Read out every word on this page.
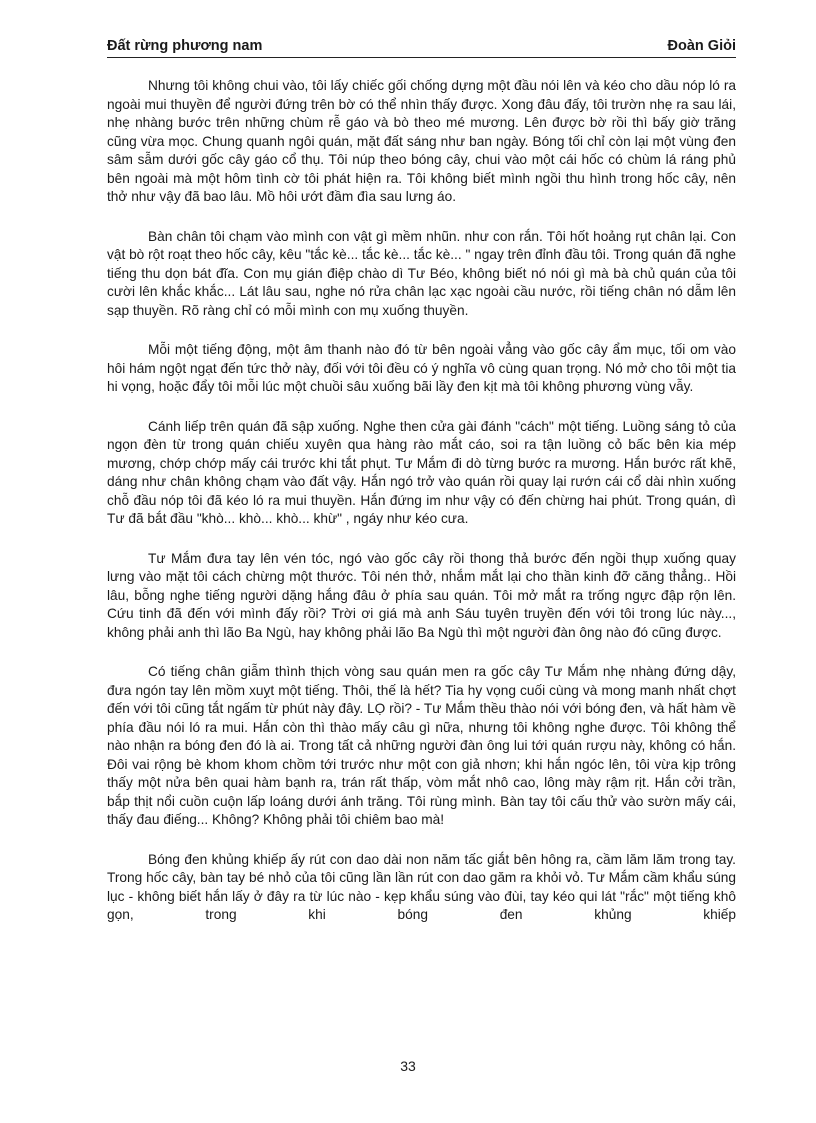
Đất rừng phương nam	Đoàn Giỏi

Nhưng tôi không chui vào, tôi lấy chiếc gối chống dựng một đầu nói lên và kéo cho dầu nóp ló ra ngoài mui thuyền để người đứng trên bờ có thể nhìn thấy được. Xong đâu đấy, tôi trườn nhẹ ra sau lái, nhẹ nhàng bước trên những chùm rễ gáo và bò theo mé mương. Lên được bờ rồi thì bấy giờ trăng cũng vừa mọc. Chung quanh ngôi quán, mặt đất sáng như ban ngày. Bóng tối chỉ còn lại một vùng đen sâm sẫm dưới gốc cây gáo cổ thụ. Tôi núp theo bóng cây, chui vào một cái hốc có chùm lá ráng phủ bên ngoài mà một hôm tình cờ tôi phát hiện ra. Tôi không biết mình ngồi thu hình trong hốc cây, nên thở như vậy đã bao lâu. Mồ hôi ướt đầm đìa sau lưng áo.

Bàn chân tôi chạm vào mình con vật gì mềm nhũn. như con rắn. Tôi hốt hoảng rụt chân lại. Con vật bò rột roạt theo hốc cây, kêu "tắc kè... tắc kè... tắc kè... " ngay trên đỉnh đầu tôi. Trong quán đã nghe tiếng thu dọn bát đĩa. Con mụ gián điệp chào dì Tư Béo, không biết nó nói gì mà bà chủ quán của tôi cười lên khắc khắc... Lát lâu sau, nghe nó rửa chân lạc xạc ngoài cầu nước, rồi tiếng chân nó dẫm lên sạp thuyền. Rõ ràng chỉ có mỗi mình con mụ xuống thuyền.

Mỗi một tiếng động, một âm thanh nào đó từ bên ngoài vẳng vào gốc cây ẩm mục, tối om vào hôi hám ngột ngạt đến tức thở này, đối với tôi đều có ý nghĩa vô cùng quan trọng. Nó mở cho tôi một tia hi vọng, hoặc đẩy tôi mỗi lúc một chuồi sâu xuống bãi lầy đen kịt mà tôi không phương vùng vẫy.

Cánh liếp trên quán đã sập xuống. Nghe then cửa gài đánh "cách" một tiếng. Luồng sáng tỏ của ngọn đèn từ trong quán chiếu xuyên qua hàng rào mắt cáo, soi ra tận luồng cỏ bấc bên kia mép mương, chớp chớp mấy cái trước khi tắt phụt. Tư Mắm đi dò từng bước ra mương. Hắn bước rất khẽ, dáng như chân không chạm vào đất vậy. Hắn ngó trở vào quán rồi quay lại rướn cái cổ dài nhìn xuống chỗ đầu nóp tôi đã kéo ló ra mui thuyền. Hắn đứng im như vậy có đến chừng hai phút. Trong quán, dì Tư đã bắt đầu "khò... khò... khò... khừ" , ngáy như kéo cưa.

Tư Mắm đưa tay lên vén tóc, ngó vào gốc cây rồi thong thả bước đến ngồi thụp xuống quay lưng vào mặt tôi cách chừng một thước. Tôi nén thở, nhắm mắt lại cho thần kinh đỡ căng thẳng.. Hồi lâu, bỗng nghe tiếng người dặng hắng đâu ở phía sau quán. Tôi mở mắt ra trống ngực đập rộn lên. Cứu tinh đã đến với mình đấy rồi? Trời ơi giá mà anh Sáu tuyên truyền đến với tôi trong lúc này..., không phải anh thì lão Ba Ngù, hay không phải lão Ba Ngù thì một người đàn ông nào đó cũng được.

Có tiếng chân giẫm thình thịch vòng sau quán men ra gốc cây Tư Mắm nhẹ nhàng đứng dậy, đưa ngón tay lên mồm xuỵt một tiếng. Thôi, thế là hết? Tia hy vọng cuối cùng và mong manh nhất chợt đến với tôi cũng tắt ngấm từ phút này đây. LỌ rồi? - Tư Mắm thều thào nói với bóng đen, và hất hàm về phía đầu nói ló ra mui. Hắn còn thì thào mấy câu gì nữa, nhưng tôi không nghe được. Tôi không thể nào nhận ra bóng đen đó là ai. Trong tất cả những người đàn ông lui tới quán rượu này, không có hắn. Đôi vai rộng bè khom khom chồm tới trước như một con giả nhơn; khi hắn ngóc lên, tôi vừa kịp trông thấy một nửa bên quai hàm bạnh ra, trán rất thấp, vòm mắt nhô cao, lông mày rậm rịt. Hắn cởi trần, bắp thịt nổi cuồn cuộn lấp loáng dưới ánh trăng. Tôi rùng mình. Bàn tay tôi cấu thử vào sườn mấy cái, thấy đau điếng... Không? Không phải tôi chiêm bao mà!

Bóng đen khủng khiếp ấy rút con dao dài non năm tấc giắt bên hông ra, cầm lăm lăm trong tay. Trong hốc cây, bàn tay bé nhỏ của tôi cũng lần lần rút con dao găm ra khỏi vỏ. Tư Mắm cầm khẩu súng lục - không biết hắn lấy ở đây ra từ lúc nào - kẹp khẩu súng vào đùi, tay kéo qui lát "rắc" một tiếng khô gọn, trong khi bóng đen khủng khiếp

33
